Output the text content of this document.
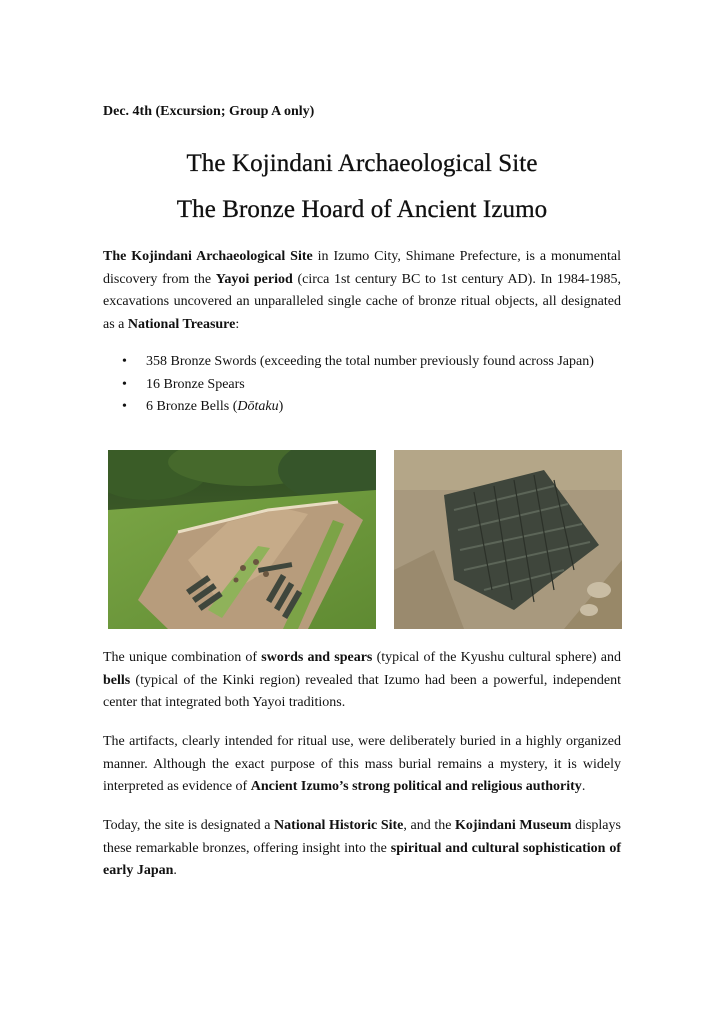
Dec. 4th (Excursion; Group A only)
The Kojindani Archaeological Site
The Bronze Hoard of Ancient Izumo

The Kojindani Archaeological Site in Izumo City, Shimane Prefecture, is a monumental discovery from the Yayoi period (circa 1st century BC to 1st century AD). In 1984-1985, excavations uncovered an unparalleled single cache of bronze ritual objects, all designated as a National Treasure:

• 358 Bronze Swords (exceeding the total number previously found across Japan)
• 16 Bronze Spears
• 6 Bronze Bells (Dōtaku)

The unique combination of swords and spears (typical of the Kyushu cultural sphere) and bells (typical of the Kinki region) revealed that Izumo had been a powerful, independent center that integrated both Yayoi traditions.

The artifacts, clearly intended for ritual use, were deliberately buried in a highly organized manner. Although the exact purpose of this mass burial remains a mystery, it is widely interpreted as evidence of Ancient Izumo’s strong political and religious authority.

Today, the site is designated a National Historic Site, and the Kojindani Museum displays these remarkable bronzes, offering insight into the spiritual and cultural sophistication of early Japan.
